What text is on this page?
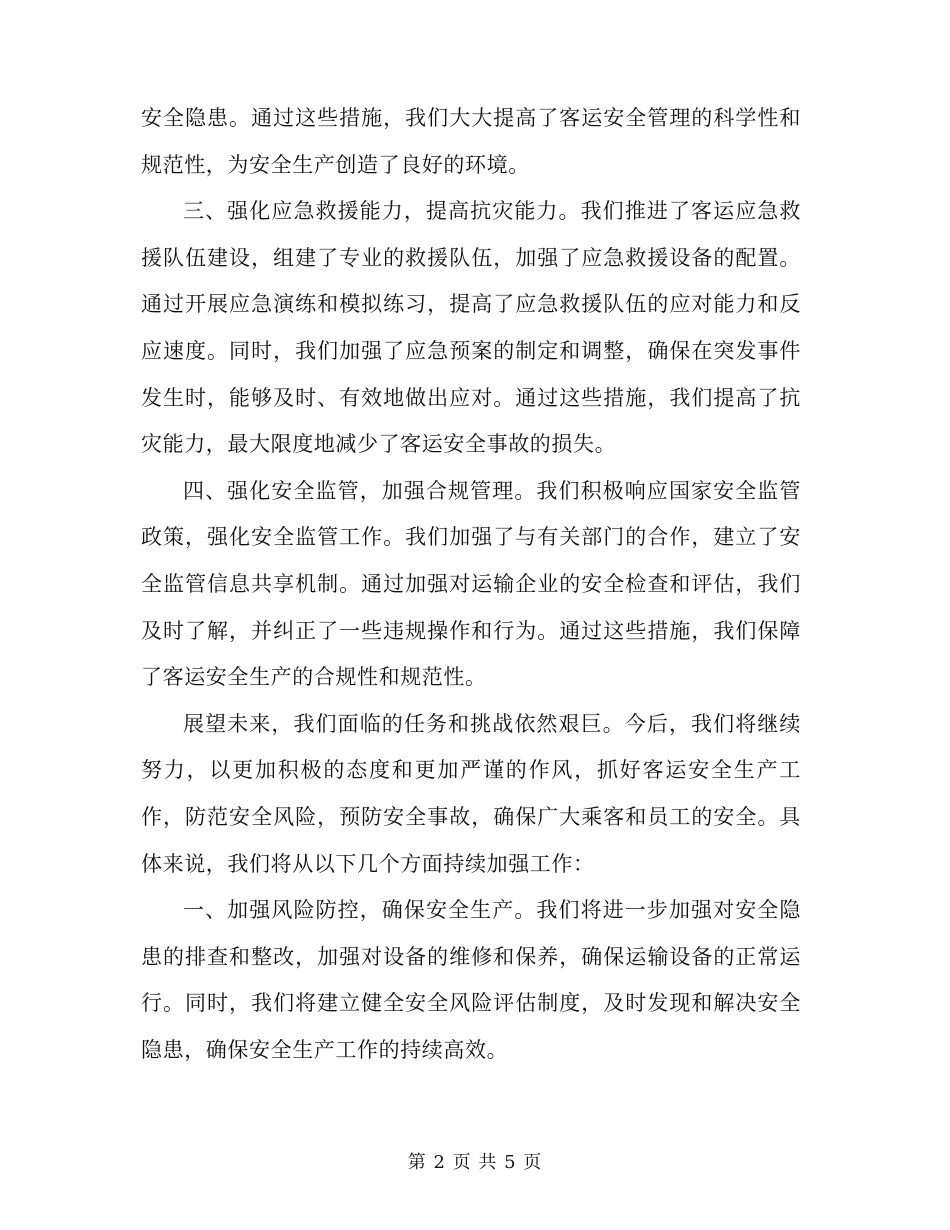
安全隐患。通过这些措施，我们大大提高了客运安全管理的科学性和规范性，为安全生产创造了良好的环境。

三、强化应急救援能力，提高抗灾能力。我们推进了客运应急救援队伍建设，组建了专业的救援队伍，加强了应急救援设备的配置。通过开展应急演练和模拟练习，提高了应急救援队伍的应对能力和反应速度。同时，我们加强了应急预案的制定和调整，确保在突发事件发生时，能够及时、有效地做出应对。通过这些措施，我们提高了抗灾能力，最大限度地减少了客运安全事故的损失。

四、强化安全监管，加强合规管理。我们积极响应国家安全监管政策，强化安全监管工作。我们加强了与有关部门的合作，建立了安全监管信息共享机制。通过加强对运输企业的安全检查和评估，我们及时了解，并纠正了一些违规操作和行为。通过这些措施，我们保障了客运安全生产的合规性和规范性。

展望未来，我们面临的任务和挑战依然艰巨。今后，我们将继续努力，以更加积极的态度和更加严谨的作风，抓好客运安全生产工作，防范安全风险，预防安全事故，确保广大乘客和员工的安全。具体来说，我们将从以下几个方面持续加强工作：

一、加强风险防控，确保安全生产。我们将进一步加强对安全隐患的排查和整改，加强对设备的维修和保养，确保运输设备的正常运行。同时，我们将建立健全安全风险评估制度，及时发现和解决安全隐患，确保安全生产工作的持续高效。

第 2 页 共 5 页
